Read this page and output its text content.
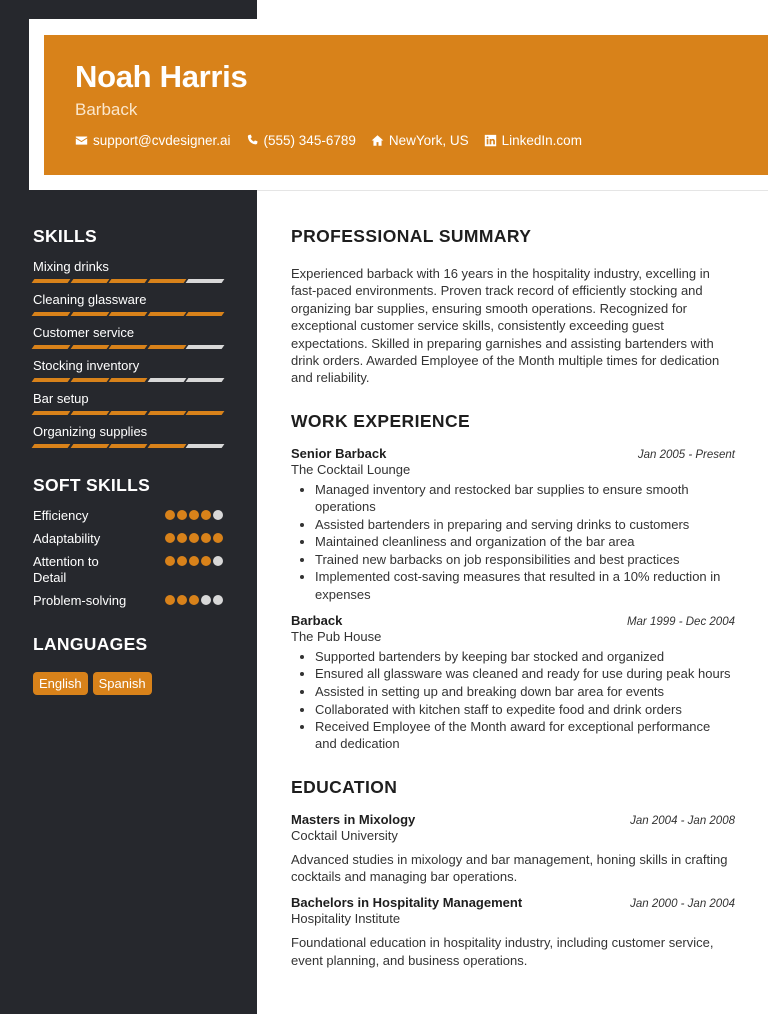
Noah Harris
Barback
support@cvdesigner.ai (555) 345-6789 NewYork, US LinkedIn.com
SKILLS
Mixing drinks
Cleaning glassware
Customer service
Stocking inventory
Bar setup
Organizing supplies
SOFT SKILLS
Efficiency
Adaptability
Attention to Detail
Problem-solving
LANGUAGES
English	Spanish
PROFESSIONAL SUMMARY

Experienced barback with 16 years in the hospitality industry, excelling in fast-paced environments. Proven track record of efficiently stocking and organizing bar supplies, ensuring smooth operations. Recognized for exceptional customer service skills, consistently exceeding guest expectations. Skilled in preparing garnishes and assisting bartenders with drink orders. Awarded Employee of the Month multiple times for dedication and reliability.

WORK EXPERIENCE
Senior Barback	Jan 2005 - Present
The Cocktail Lounge
• Managed inventory and restocked bar supplies to ensure smooth operations
• Assisted bartenders in preparing and serving drinks to customers
• Maintained cleanliness and organization of the bar area
• Trained new barbacks on job responsibilities and best practices
• Implemented cost-saving measures that resulted in a 10% reduction in expenses
Barback	Mar 1999 - Dec 2004
The Pub House
• Supported bartenders by keeping bar stocked and organized
• Ensured all glassware was cleaned and ready for use during peak hours
• Assisted in setting up and breaking down bar area for events
• Collaborated with kitchen staff to expedite food and drink orders
• Received Employee of the Month award for exceptional performance and dedication
EDUCATION
Masters in Mixology	Jan 2004 - Jan 2008
Cocktail University

Advanced studies in mixology and bar management, honing skills in crafting cocktails and managing bar operations.

Bachelors in Hospitality Management	Jan 2000 - Jan 2004
Hospitality Institute

Foundational education in hospitality industry, including customer service, event planning, and business operations.
